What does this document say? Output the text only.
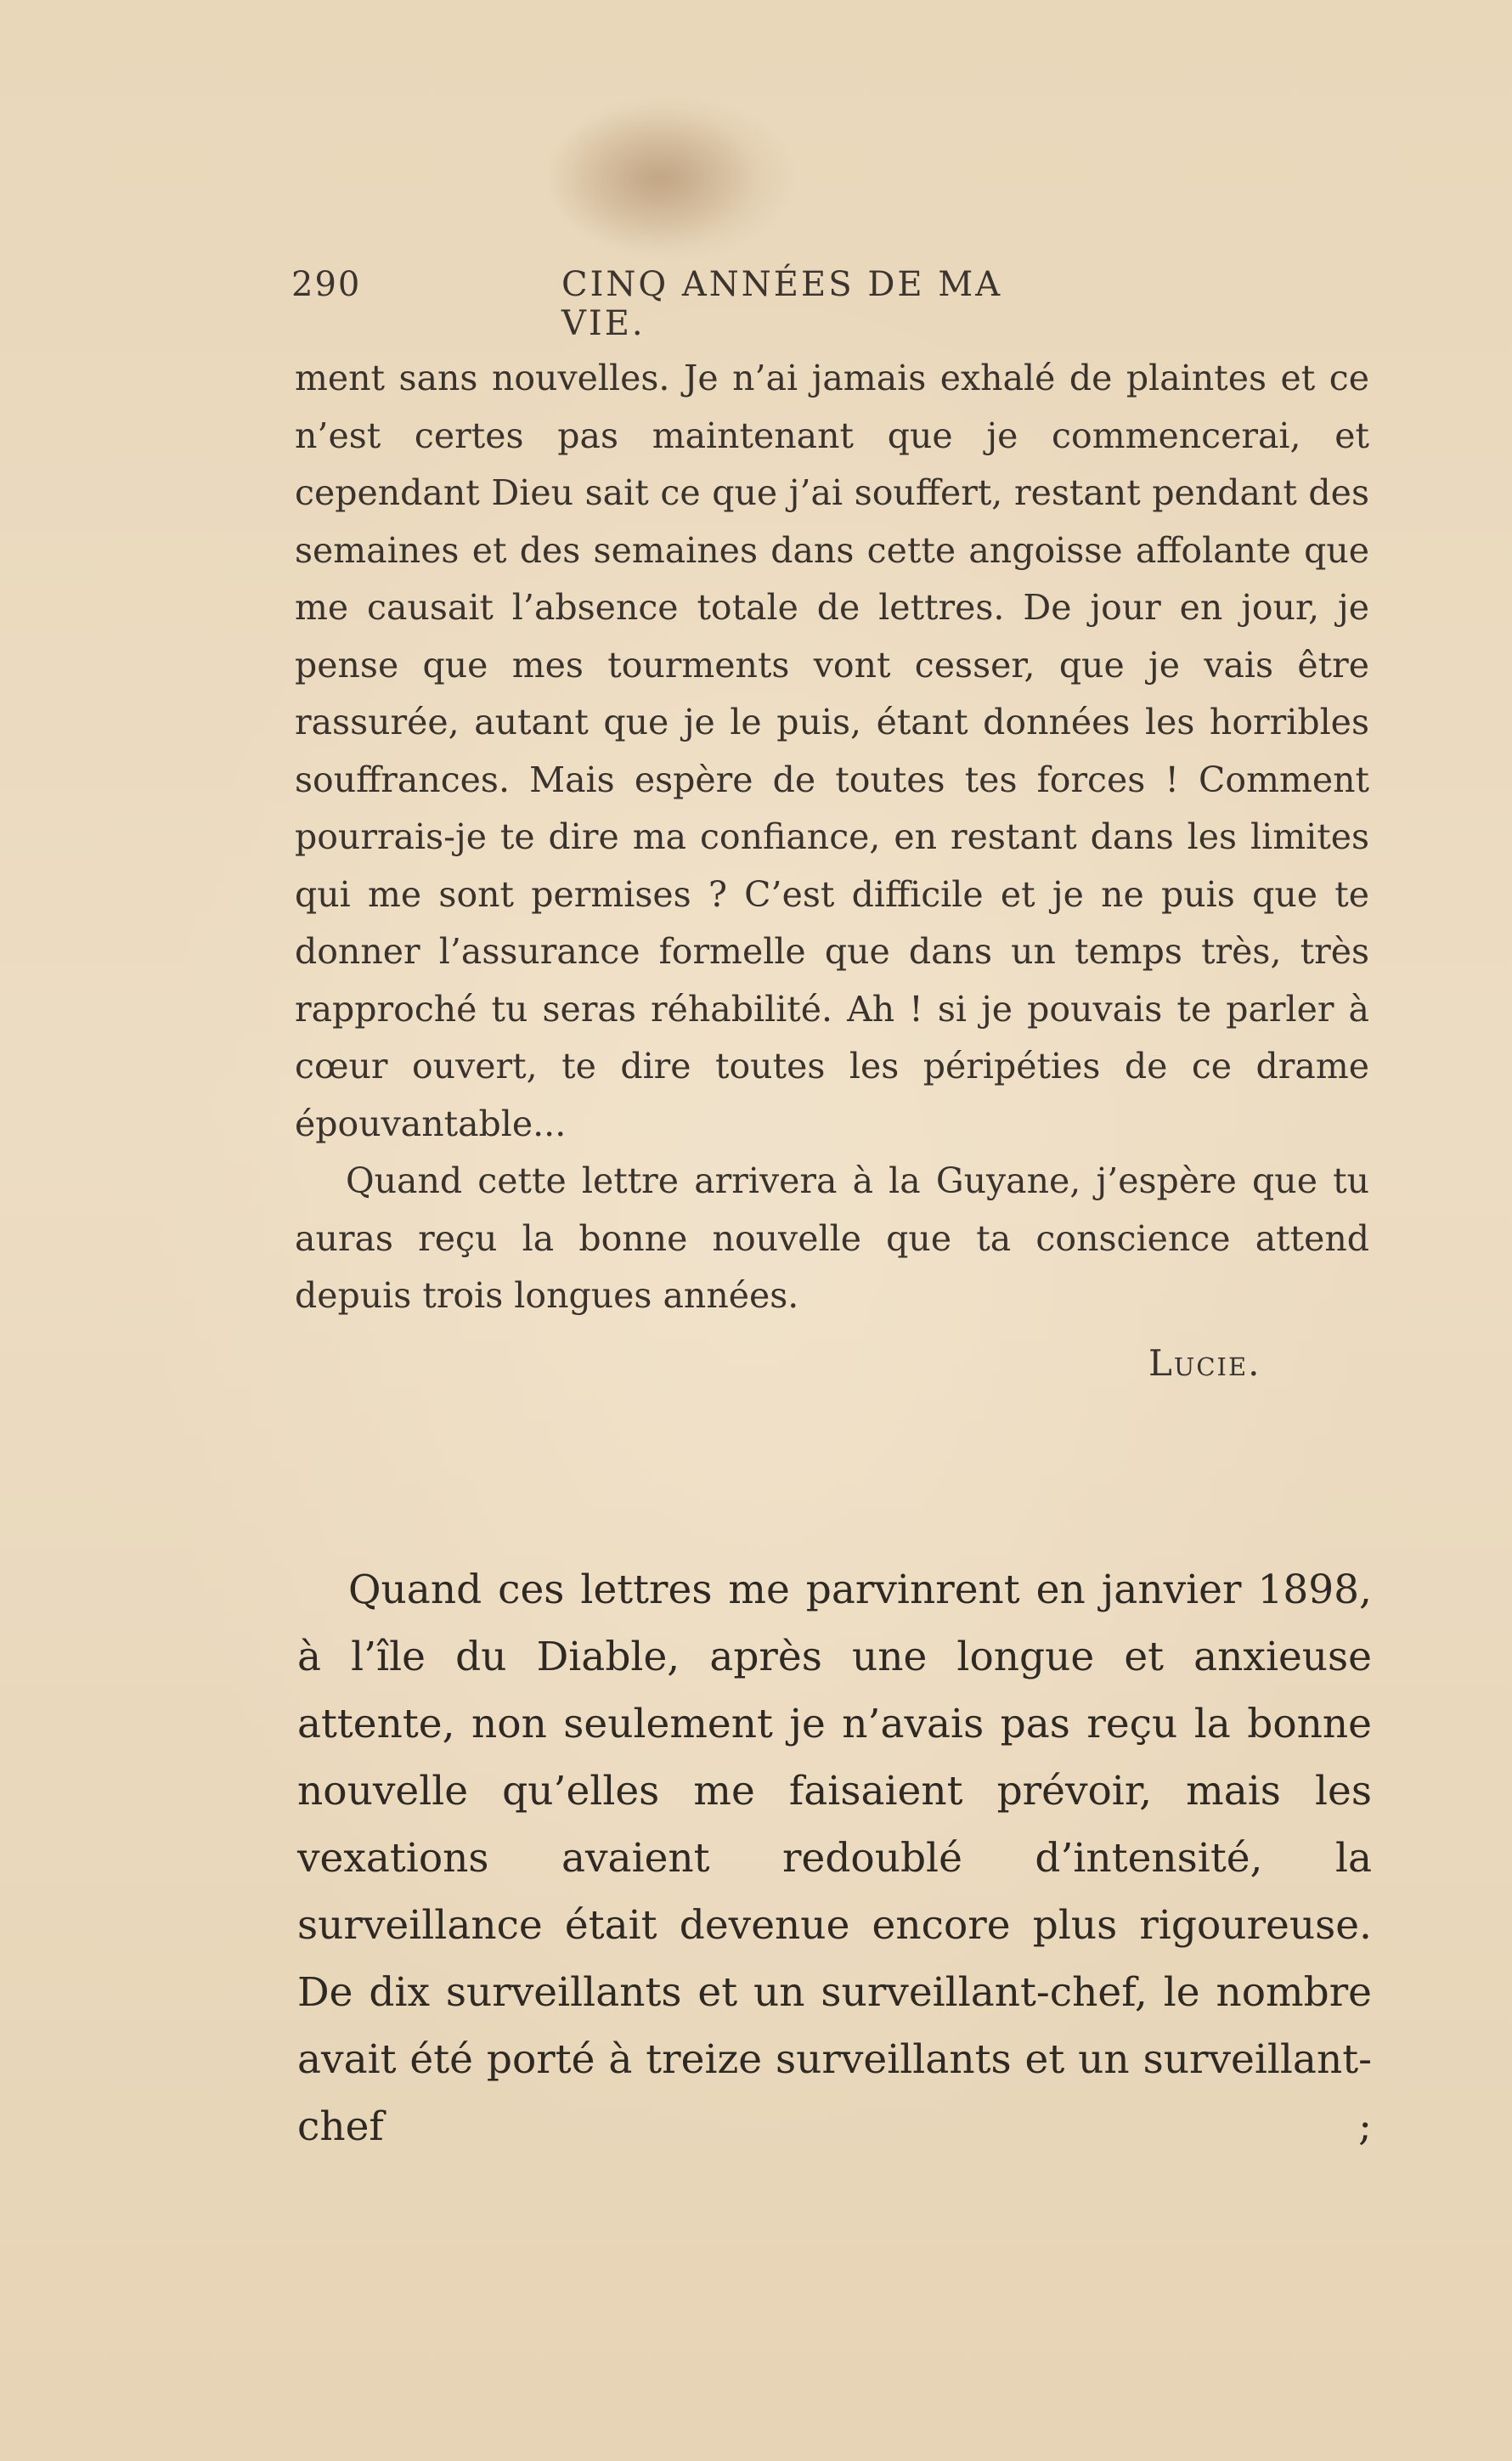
290	CINQ ANNÉES DE MA VIE.

ment sans nouvelles. Je n’ai jamais exhalé de plaintes et ce n’est certes pas maintenant que je commencerai, et cependant Dieu sait ce que j’ai souffert, restant pendant des semaines et des semaines dans cette angoisse affolante que me causait l’absence totale de lettres. De jour en jour, je pense que mes tourments vont cesser, que je vais être rassurée, autant que je le puis, étant données les horribles souffrances. Mais espère de toutes tes forces ! Comment pourrais-je te dire ma confiance, en restant dans les limites qui me sont permises ? C’est difficile et je ne puis que te donner l’assurance formelle que dans un temps très, très rapproché tu seras réhabilité. Ah ! si je pouvais te parler à cœur ouvert, te dire toutes les péripéties de ce drame épouvantable...

Quand cette lettre arrivera à la Guyane, j’espère que tu auras reçu la bonne nouvelle que ta conscience attend depuis trois longues années.

Lucie.

Quand ces lettres me parvinrent en janvier 1898, à l’île du Diable, après une longue et anxieuse attente, non seulement je n’avais pas reçu la bonne nouvelle qu’elles me faisaient prévoir, mais les vexations avaient redoublé d’intensité, la surveillance était devenue encore plus rigoureuse. De dix surveillants et un surveillant-chef, le nombre avait été porté à treize surveillants et un surveillant-chef ;
